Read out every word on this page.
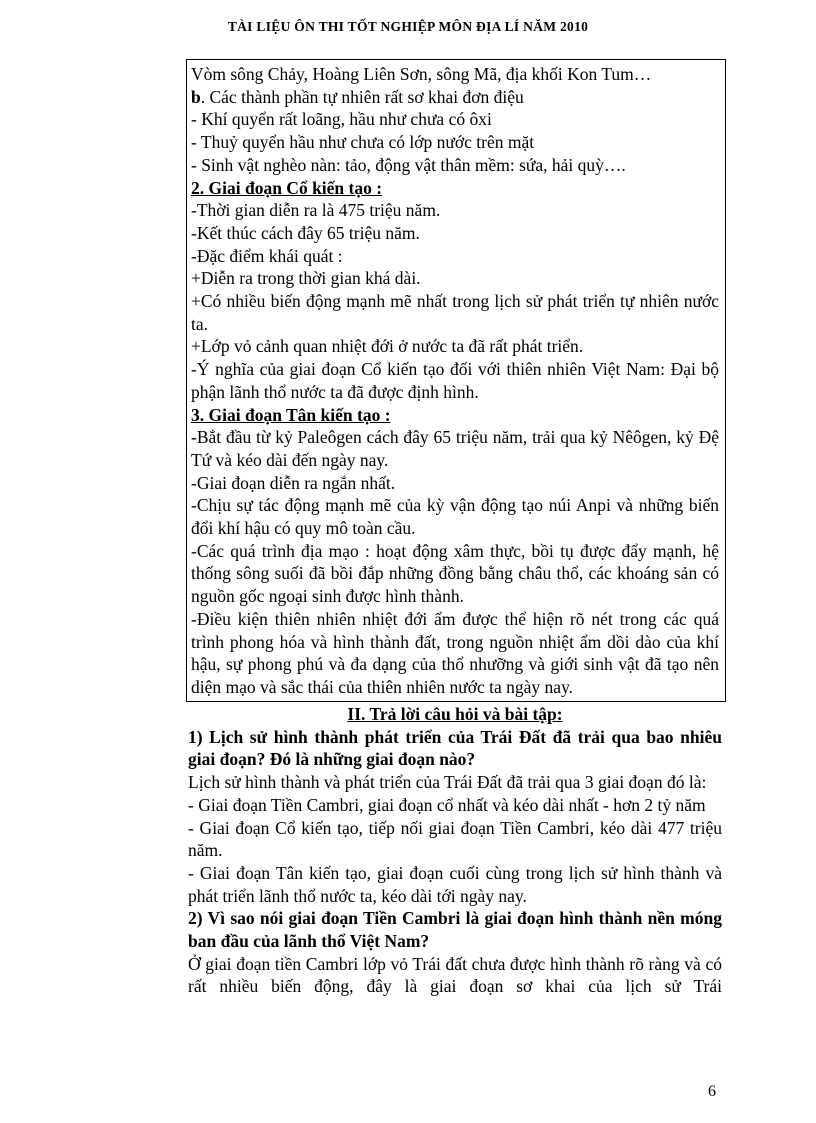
TÀI LIỆU ÔN THI TỐT NGHIỆP MÔN ĐỊA LÍ NĂM 2010

Vòm sông Chảy, Hoàng Liên Sơn, sông Mã, địa khối Kon Tum…

b. Các thành phần tự nhiên rất sơ khai đơn điệu

- Khí quyển rất loãng, hầu như chưa có ôxi

- Thuỷ quyển hầu như chưa có lớp nước trên mặt

- Sinh vật nghèo nàn: tảo, động vật thân mềm: sứa, hải quỳ….

2. Giai đoạn Cổ kiến tạo :

-Thời gian diễn ra là 475 triệu năm.

-Kết thúc cách đây 65 triệu năm.

-Đặc điểm khái quát :

+Diễn ra trong thời gian khá dài.

+Có nhiều biến động mạnh mẽ nhất trong lịch sử phát triển tự nhiên nước ta.

+Lớp vỏ cảnh quan nhiệt đới ở nước ta đã rất phát triển.

-Ý nghĩa của giai đoạn Cổ kiến tạo đối với thiên nhiên Việt Nam: Đại bộ phận lãnh thổ nước ta đã được định hình.

3. Giai đoạn Tân kiến tạo :

-Bắt đầu từ kỷ Paleôgen cách đây 65 triệu năm, trải qua kỷ Nêôgen, kỷ Đệ Tứ và kéo dài đến ngày nay.

-Giai đoạn diễn ra ngắn nhất.

-Chịu sự tác động mạnh mẽ của kỳ vận động tạo núi Anpi và những biến đổi khí hậu có quy mô toàn cầu.

-Các quá trình địa mạo : hoạt động xâm thực, bồi tụ được đẩy mạnh, hệ thống sông suối đã bồi đắp những đồng bằng châu thổ, các khoáng sản có nguồn gốc ngoại sinh được hình thành.

-Điều kiện thiên nhiên nhiệt đới ẩm được thể hiện rõ nét trong các quá trình phong hóa và hình thành đất, trong nguồn nhiệt ẩm dồi dào của khí hậu, sự phong phú và đa dạng của thổ nhưỡng và giới sinh vật đã tạo nên diện mạo và sắc thái của thiên nhiên nước ta ngày nay.

II. Trả lời câu hỏi và bài tập:

1) Lịch sử hình thành phát triển của Trái Đất đã trải qua bao nhiêu giai đoạn? Đó là những giai đoạn nào?

Lịch sử hình thành và phát triển của Trái Đất đã trải qua 3 giai đoạn đó là:

- Giai đoạn Tiền Cambri, giai đoạn cổ nhất và kéo dài nhất - hơn 2 tỷ năm

- Giai đoạn Cổ kiến tạo, tiếp nối giai đoạn Tiền Cambri, kéo dài 477 triệu năm.

- Giai đoạn Tân kiến tạo, giai đoạn cuối cùng trong lịch sử hình thành và phát triển lãnh thổ nước ta, kéo dài tới ngày nay.

2) Vì sao nói giai đoạn Tiền Cambri là giai đoạn hình thành nền móng ban đầu của lãnh thổ Việt Nam?

Ở giai đoạn tiền Cambri lớp vỏ Trái đất chưa được hình thành rõ ràng và có rất nhiều biến động, đây là giai đoạn sơ khai của lịch sử Trái

6
